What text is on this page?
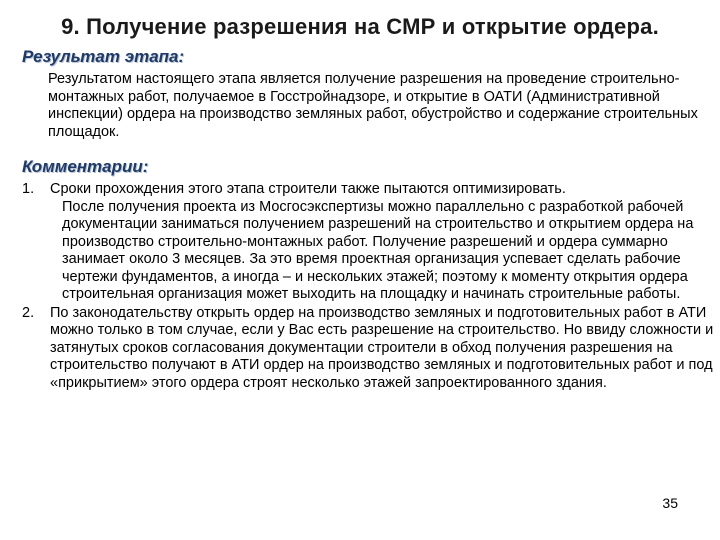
9. Получение разрешения на СМР и открытие ордера.
Результат этапа:
Результатом настоящего этапа является получение разрешения на проведение строительно-монтажных работ, получаемое в Госстройнадзоре, и открытие в ОАТИ (Административной инспекции) ордера на производство земляных работ, обустройство и содержание строительных площадок.
Комментарии:
1.	Сроки прохождения этого этапа строители также пытаются оптимизировать.
После получения проекта из Мосгосэкспертизы можно параллельно с разработкой рабочей документации заниматься получением разрешений на строительство и открытием ордера на производство строительно-монтажных работ. Получение разрешений и ордера суммарно занимает около 3 месяцев. За это время проектная организация успевает сделать рабочие чертежи фундаментов, а иногда – и нескольких этажей; поэтому к моменту открытия ордера строительная организация может выходить на площадку и начинать строительные работы.
2.	По законодательству открыть ордер на производство земляных и подготовительных работ в АТИ можно только в том случае, если у Вас есть разрешение на строительство. Но ввиду сложности и затянутых сроков согласования документации строители в обход получения разрешения на строительство получают в АТИ ордер на производство земляных и подготовительных работ и под «прикрытием» этого ордера строят несколько этажей запроектированного здания.
35
